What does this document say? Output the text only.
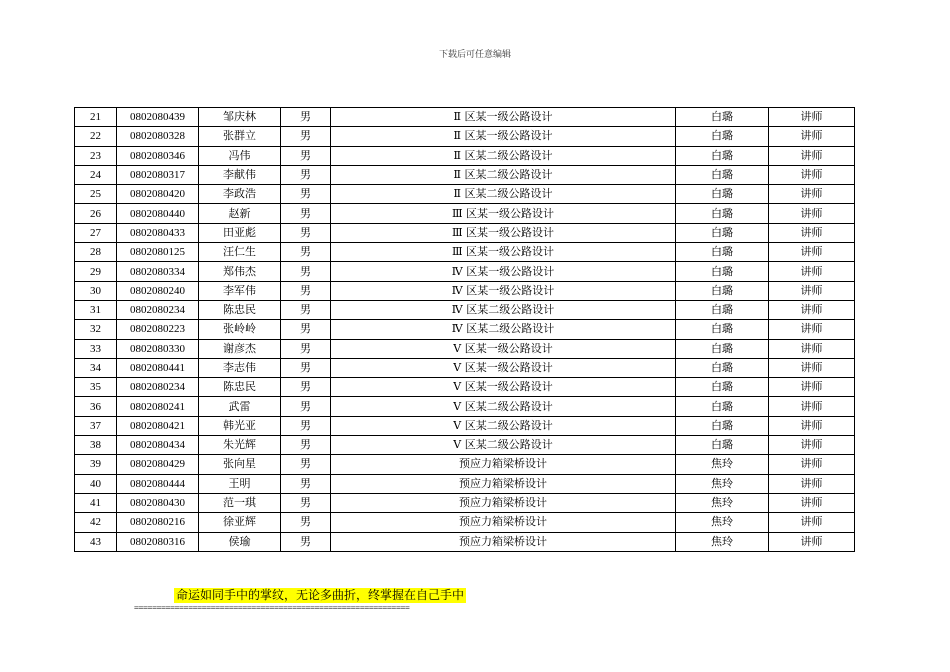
下载后可任意编辑
21	0802080439	邹庆林	男	Ⅱ 区某一级公路设计	白璐	讲师
22	0802080328	张群立	男	Ⅱ 区某一级公路设计	白璐	讲师
23	0802080346	冯伟	男	Ⅱ 区某二级公路设计	白璐	讲师
24	0802080317	李献伟	男	Ⅱ 区某二级公路设计	白璐	讲师
25	0802080420	李政浩	男	Ⅱ 区某二级公路设计	白璐	讲师
26	0802080440	赵新	男	Ⅲ 区某一级公路设计	白璐	讲师
27	0802080433	田亚彪	男	Ⅲ 区某一级公路设计	白璐	讲师
28	0802080125	汪仁生	男	Ⅲ 区某一级公路设计	白璐	讲师
29	0802080334	郑伟杰	男	Ⅳ 区某一级公路设计	白璐	讲师
30	0802080240	李军伟	男	Ⅳ 区某一级公路设计	白璐	讲师
31	0802080234	陈忠民	男	Ⅳ 区某二级公路设计	白璐	讲师
32	0802080223	张岭岭	男	Ⅳ 区某二级公路设计	白璐	讲师
33	0802080330	谢彦杰	男	Ⅴ 区某一级公路设计	白璐	讲师
34	0802080441	李志伟	男	Ⅴ 区某一级公路设计	白璐	讲师
35	0802080234	陈忠民	男	Ⅴ 区某一级公路设计	白璐	讲师
36	0802080241	武雷	男	Ⅴ 区某二级公路设计	白璐	讲师
37	0802080421	韩光亚	男	Ⅴ 区某二级公路设计	白璐	讲师
38	0802080434	朱光辉	男	Ⅴ 区某二级公路设计	白璐	讲师
39	0802080429	张向星	男	预应力箱梁桥设计	焦玲	讲师
40	0802080444	王明	男	预应力箱梁桥设计	焦玲	讲师
41	0802080430	范一琪	男	预应力箱梁桥设计	焦玲	讲师
42	0802080216	徐亚辉	男	预应力箱梁桥设计	焦玲	讲师
43	0802080316	侯瑜	男	预应力箱梁桥设计	焦玲	讲师
命运如同手中的掌纹，无论多曲折，终掌握在自己手中
=============================================================
